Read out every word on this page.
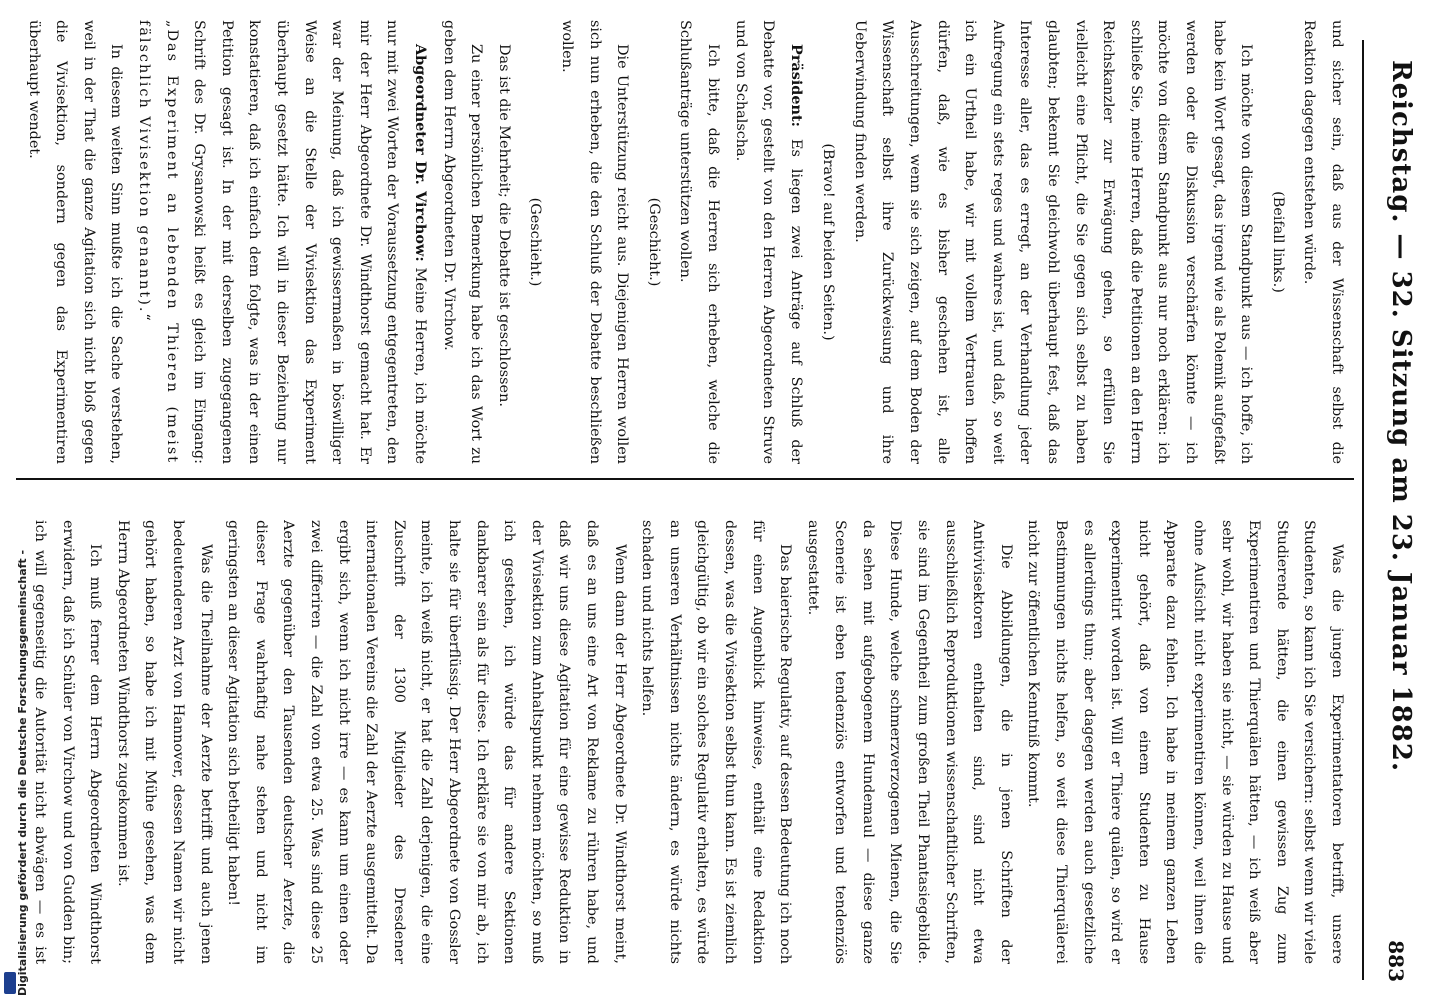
Reichstag. — 32. Sitzung am 23. Januar 1882.
883

und sicher sein, daß aus der Wissenschaft selbst die Reaktion dagegen entstehen würde.

(Beifall links.)

Ich möchte von diesem Standpunkt aus — ich hoffe, ich habe kein Wort gesagt, das irgend wie als Polemik aufgefaßt werden oder die Diskussion verschärfen könnte — ich möchte von diesem Standpunkt aus nur noch erklären: ich schließe Sie, meine Herren, daß die Petitionen an den Herrn Reichskanzler zur Erwägung gehen, so erfüllen Sie vielleicht eine Pflicht, die Sie gegen sich selbst zu haben glaubten; bekennt Sie gleichwohl überhaupt fest, daß das Interesse aller, das es erregt, an der Verhandlung jeder Aufregung ein stets reges und wahres ist, und daß, so weit ich ein Urtheil habe, wir mit vollem Vertrauen hoffen dürfen, daß, wie es bisher geschehen ist, alle Ausschreitungen, wenn sie sich zeigen, auf dem Boden der Wissenschaft selbst ihre Zurückweisung und ihre Ueberwindung finden werden.

(Bravo! auf beiden Seiten.)

Präsident: Es liegen zwei Anträge auf Schluß der Debatte vor, gestellt von den Herren Abgeordneten Struve und von Schalscha.

Ich bitte, daß die Herren sich erheben, welche die Schlußanträge unterstützen wollen.

(Geschieht.)

Die Unterstützung reicht aus. Diejenigen Herren wollen sich nun erheben, die den Schluß der Debatte beschließen wollen.

(Geschieht.)

Das ist die Mehrheit; die Debatte ist geschlossen.

Zu einer persönlichen Bemerkung habe ich das Wort zu geben dem Herrn Abgeordneten Dr. Virchow.

Abgeordneter Dr. Virchow: Meine Herren, ich möchte nur mit zwei Worten der Voraussetzung entgegentreten, den mir der Herr Abgeordnete Dr. Windthorst gemacht hat. Er war der Meinung, daß ich gewissermaßen in böswilliger Weise an die Stelle der Vivisektion das Experiment überhaupt gesetzt hätte. Ich will in dieser Beziehung nur konstatieren, daß ich einfach dem folgte, was in der einen Petition gesagt ist. In der mit derselben zugegangenen Schrift des Dr. Grysanowski heißt es gleich im Eingang: „Das Experiment an lebenden Thieren (meist fälschlich Vivisektion genannt).“

In diesem weiten Sinn mußte ich die Sache verstehen, weil in der That die ganze Agitation sich nicht bloß gegen die Vivisektion, sondern gegen das Experimentiren überhaupt wendet.

Was die jungen Experimentatoren betrifft, unsere Studenten, so kann ich Sie versichern: selbst wenn wir viele Studierende hätten, die einen gewissen Zug zum Experimentiren und Thierquälen hätten, — ich weiß aber sehr wohl, wir haben sie nicht, — sie würden zu Hause und ohne Aufsicht nicht experimentiren können, weil ihnen die Apparate dazu fehlen. Ich habe in meinem ganzen Leben nicht gehört, daß von einem Studenten zu Hause experimentirt worden ist. Will er Thiere quälen, so wird er es allerdings thun; aber dagegen werden auch gesetzliche Bestimmungen nichts helfen, so weit diese Thierquälerei nicht zur öffentlichen Kenntniß kommt.

Die Abbildungen, die in jenen Schriften der Antivivisektoren enthalten sind, sind nicht etwa ausschließlich Reproduktionen wissenschaftlicher Schriften, sie sind im Gegentheil zum großen Theil Phantasiegebilde. Diese Hunde, welche schmerzverzogenen Mienen, die Sie da sehen mit aufgebogenem Hundemaul — diese ganze Scenerie ist eben tendenziös entworfen und tendenziös ausgestattet.

Das baierische Regulativ, auf dessen Bedeutung ich noch für einen Augenblick hinweise, enthält eine Redaktion dessen, was die Vivisektion selbst thun kann. Es ist ziemlich gleichgültig, ob wir ein solches Regulativ erhalten, es würde an unseren Verhältnissen nichts ändern, es würde nichts schaden und nichts helfen.

Wenn dann der Herr Abgeordnete Dr. Windthorst meint, daß es an uns eine Art von Reklame zu rühren habe, und daß wir uns diese Agitation für eine gewisse Reduktion in der Vivisektion zum Anhaltspunkt nehmen möchten, so muß ich gestehen, ich würde das für andere Sektionen dankbarer sein als für diese. Ich erkläre sie von mir ab, ich halte sie für überflüssig. Der Herr Abgeordnete von Gossler meinte, ich weiß nicht, er hat die Zahl derjenigen, die eine Zuschrift der 1300 Mitglieder des Dresdener internationalen Vereins die Zahl der Aerzte ausgemittelt. Da ergibt sich, wenn ich nicht irre — es kann um einen oder zwei differiren — die Zahl von etwa 25. Was sind diese 25 Aerzte gegenüber den Tausenden deutscher Aerzte, die dieser Frage wahrhaftig nahe stehen und nicht im geringsten an dieser Agitation sich betheiligt haben!

Was die Theilnahme der Aerzte betrifft und auch jenen bedeutenderen Arzt von Hannover, dessen Namen wir nicht gehört haben, so habe ich mit Mühe gesehen, was dem Herrn Abgeordneten Windthorst zugekommen ist.

Ich muß ferner dem Herrn Abgeordneten Windthorst erwidern, daß ich Schüler von Virchow und von Gudden bin; ich will gegenseitig die Autorität nicht abwägen — es ist

Digitalisierung gefördert durch die Deutsche Forschungsgemeinschaft -
